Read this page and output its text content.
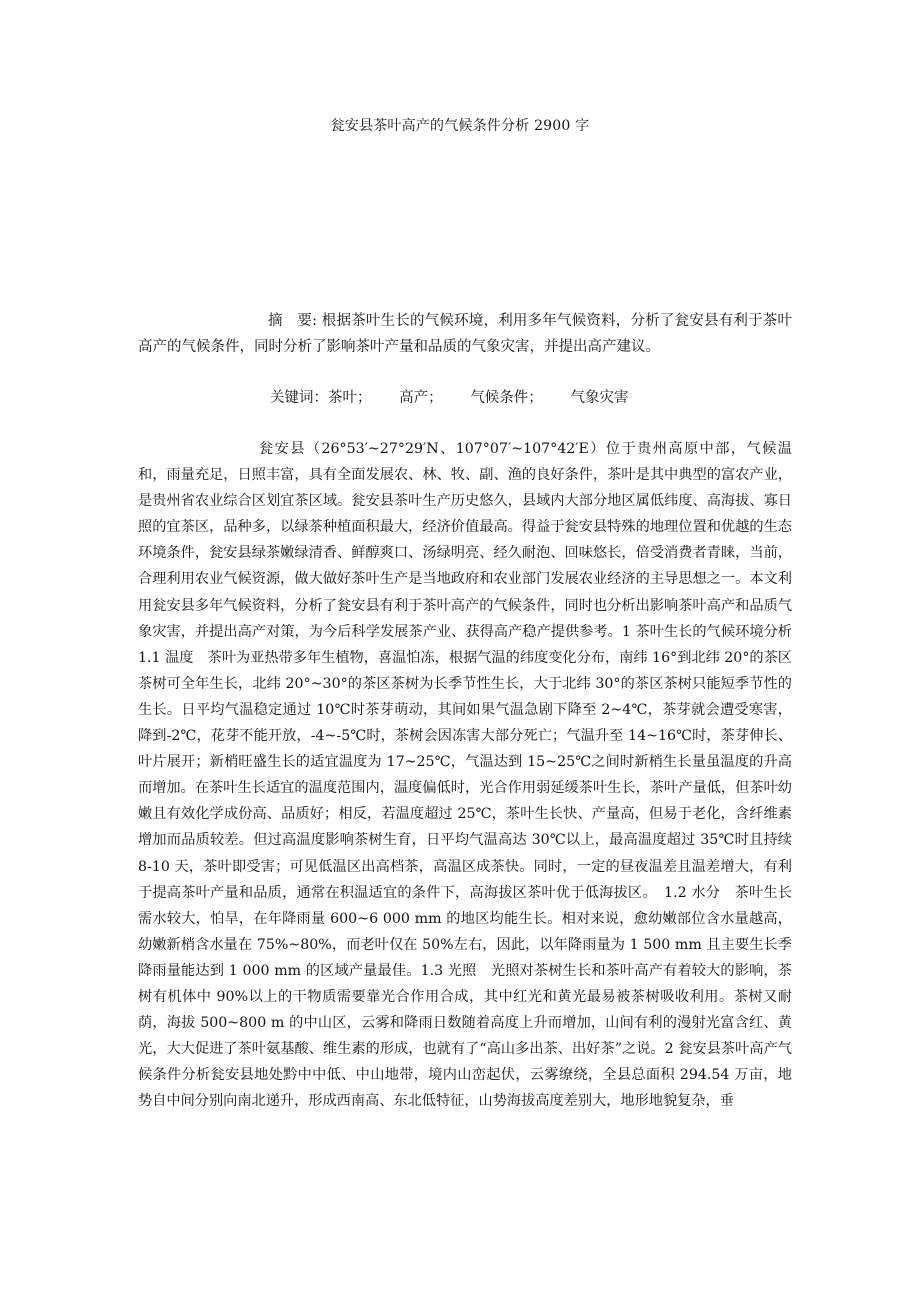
瓮安县茶叶高产的气候条件分析 2900 字
摘　要: 根据茶叶生长的气候环境，利用多年气候资料，分析了瓮安县有利于茶叶高产的气候条件，同时分析了影响茶叶产量和品质的气象灾害，并提出高产建议。
关键词：茶叶； 高产； 气候条件； 气象灾害
瓮安县（26°53′~27°29′N、107°07′~107°42′E）位于贵州高原中部，气候温和，雨量充足，日照丰富，具有全面发展农、林、牧、副、渔的良好条件，茶叶是其中典型的富农产业，是贵州省农业综合区划宜茶区域。瓮安县茶叶生产历史悠久，县域内大部分地区属低纬度、高海拔、寡日照的宜茶区，品种多，以绿茶种植面积最大，经济价值最高。得益于瓮安县特殊的地理位置和优越的生态环境条件，瓮安县绿茶嫩绿清香、鲜醇爽口、汤绿明亮、经久耐泡、回味悠长，倍受消费者青睐，当前，合理利用农业气候资源，做大做好茶叶生产是当地政府和农业部门发展农业经济的主导思想之一。本文利用瓮安县多年气候资料，分析了瓮安县有利于茶叶高产的气候条件，同时也分析出影响茶叶高产和品质气象灾害，并提出高产对策，为今后科学发展茶产业、获得高产稳产提供参考。1 茶叶生长的气候环境分析 1.1 温度　茶叶为亚热带多年生植物，喜温怕冻，根据气温的纬度变化分布，南纬 16°到北纬 20°的茶区茶树可全年生长，北纬 20°~30°的茶区茶树为长季节性生长，大于北纬 30°的茶区茶树只能短季节性的生长。日平均气温稳定通过 10℃时茶芽萌动，其间如果气温急剧下降至 2~4℃，茶芽就会遭受寒害，降到-2℃，花芽不能开放，-4~-5℃时，茶树会因冻害大部分死亡；气温升至 14~16℃时，茶芽伸长、叶片展开；新梢旺盛生长的适宜温度为 17~25℃，气温达到 15~25℃之间时新梢生长量虽温度的升高而增加。在茶叶生长适宜的温度范围内，温度偏低时，光合作用弱延缓茶叶生长，茶叶产量低，但茶叶幼嫩且有效化学成份高、品质好；相反，若温度超过 25℃，茶叶生长快、产量高，但易于老化，含纤维素增加而品质较差。但过高温度影响茶树生育，日平均气温高达 30℃以上，最高温度超过 35℃时且持续 8-10 天，茶叶即受害；可见低温区出高档茶，高温区成茶快。同时，一定的昼夜温差且温差增大，有利于提高茶叶产量和品质，通常在积温适宜的条件下，高海拔区茶叶优于低海拔区。　1.2 水分　茶叶生长需水较大，怕旱，在年降雨量 600~6 000 mm 的地区均能生长。相对来说，愈幼嫩部位含水量越高，幼嫩新梢含水量在 75%~80%，而老叶仅在 50%左右，因此，以年降雨量为 1 500 mm 且主要生长季降雨量能达到 1 000 mm 的区域产量最佳。1.3 光照　光照对茶树生长和茶叶高产有着较大的影响，茶树有机体中 90%以上的干物质需要靠光合作用合成，其中红光和黄光最易被茶树吸收利用。茶树又耐荫，海拔 500~800 m 的中山区，云雾和降雨日数随着高度上升而增加，山间有利的漫射光富含红、黄光，大大促进了茶叶氨基酸、维生素的形成，也就有了“高山多出茶、出好茶”之说。2 瓮安县茶叶高产气候条件分析瓮安县地处黔中中低、中山地带，境内山峦起伏，云雾缭绕，全县总面积 294.54 万亩，地势自中间分别向南北递升，形成西南高、东北低特征，山势海拔高度差别大，地形地貌复杂，垂
